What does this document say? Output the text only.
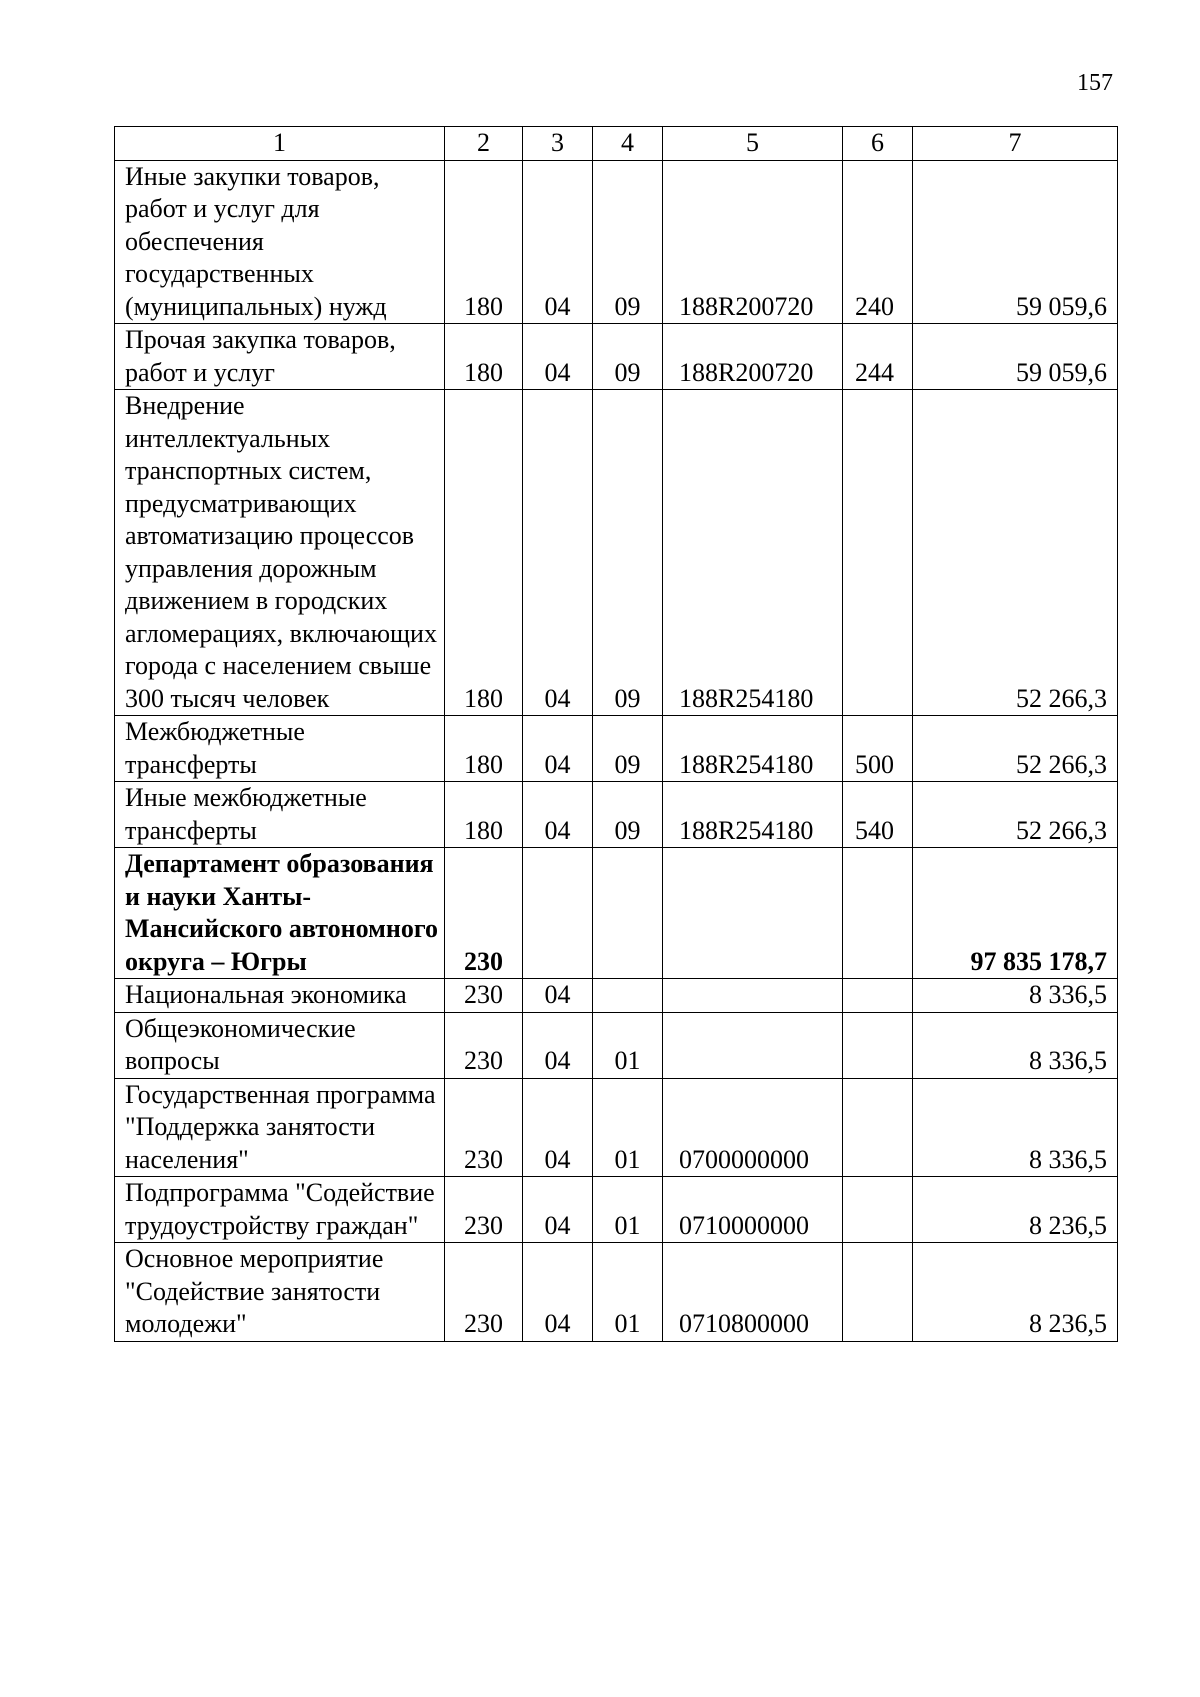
157
1	2	3	4	5	6	7
Иные закупки товаров, работ и услуг для обеспечения государственных (муниципальных) нужд	180	04	09	188R200720	240	59 059,6
Прочая закупка товаров, работ и услуг	180	04	09	188R200720	244	59 059,6
Внедрение интеллектуальных транспортных систем, предусматривающих автоматизацию процессов управления дорожным движением в городских агломерациях, включающих города с населением свыше 300 тысяч человек	180	04	09	188R254180		52 266,3
Межбюджетные трансферты	180	04	09	188R254180	500	52 266,3
Иные межбюджетные трансферты	180	04	09	188R254180	540	52 266,3
Департамент образования и науки Ханты-Мансийского автономного округа – Югры	230					97 835 178,7
Национальная экономика	230	04				8 336,5
Общеэкономические вопросы	230	04	01			8 336,5
Государственная программа "Поддержка занятости населения"	230	04	01	0700000000		8 336,5
Подпрограмма "Содействие трудоустройству граждан"	230	04	01	0710000000		8 236,5
Основное мероприятие "Содействие занятости молодежи"	230	04	01	0710800000		8 236,5
